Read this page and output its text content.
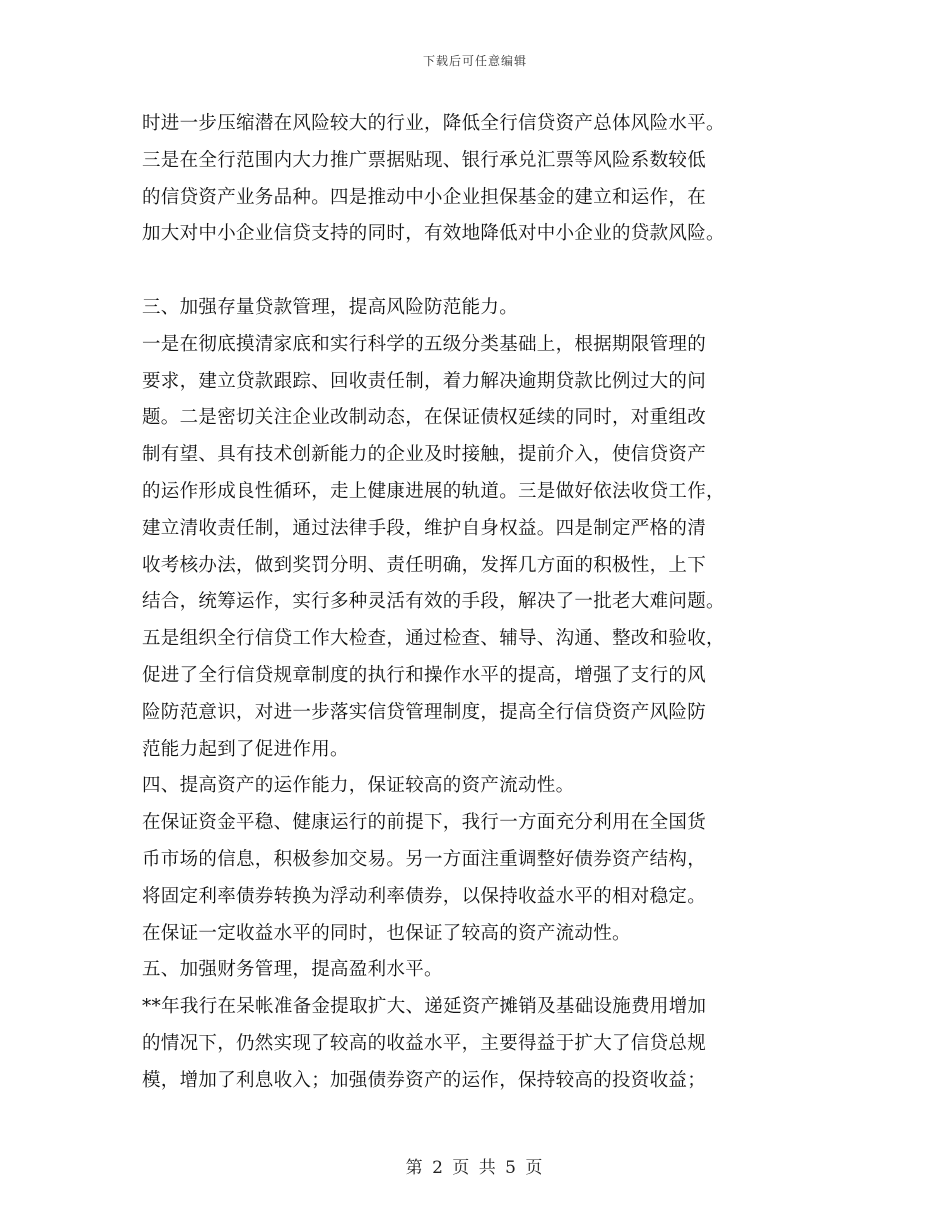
下载后可任意编辑
时进一步压缩潜在风险较大的行业，降低全行信贷资产总体风险水平。
三是在全行范围内大力推广票据贴现、银行承兑汇票等风险系数较低
的信贷资产业务品种。四是推动中小企业担保基金的建立和运作，在
加大对中小企业信贷支持的同时，有效地降低对中小企业的贷款风险。
三、加强存量贷款管理，提高风险防范能力。
一是在彻底摸清家底和实行科学的五级分类基础上，根据期限管理的
要求，建立贷款跟踪、回收责任制，着力解决逾期贷款比例过大的问
题。二是密切关注企业改制动态，在保证债权延续的同时，对重组改
制有望、具有技术创新能力的企业及时接触，提前介入，使信贷资产
的运作形成良性循环，走上健康进展的轨道。三是做好依法收贷工作，
建立清收责任制，通过法律手段，维护自身权益。四是制定严格的清
收考核办法，做到奖罚分明、责任明确，发挥几方面的积极性，上下
结合，统筹运作，实行多种灵活有效的手段，解决了一批老大难问题。
五是组织全行信贷工作大检查，通过检查、辅导、沟通、整改和验收，
促进了全行信贷规章制度的执行和操作水平的提高，增强了支行的风
险防范意识，对进一步落实信贷管理制度，提高全行信贷资产风险防
范能力起到了促进作用。
四、提高资产的运作能力，保证较高的资产流动性。
在保证资金平稳、健康运行的前提下，我行一方面充分利用在全国货
币市场的信息，积极参加交易。另一方面注重调整好债券资产结构，
将固定利率债券转换为浮动利率债券，以保持收益水平的相对稳定。
在保证一定收益水平的同时，也保证了较高的资产流动性。
五、加强财务管理，提高盈利水平。
**年我行在呆帐准备金提取扩大、递延资产摊销及基础设施费用增加
的情况下，仍然实现了较高的收益水平，主要得益于扩大了信贷总规
模，增加了利息收入；加强债券资产的运作，保持较高的投资收益；
第 2 页 共 5 页
